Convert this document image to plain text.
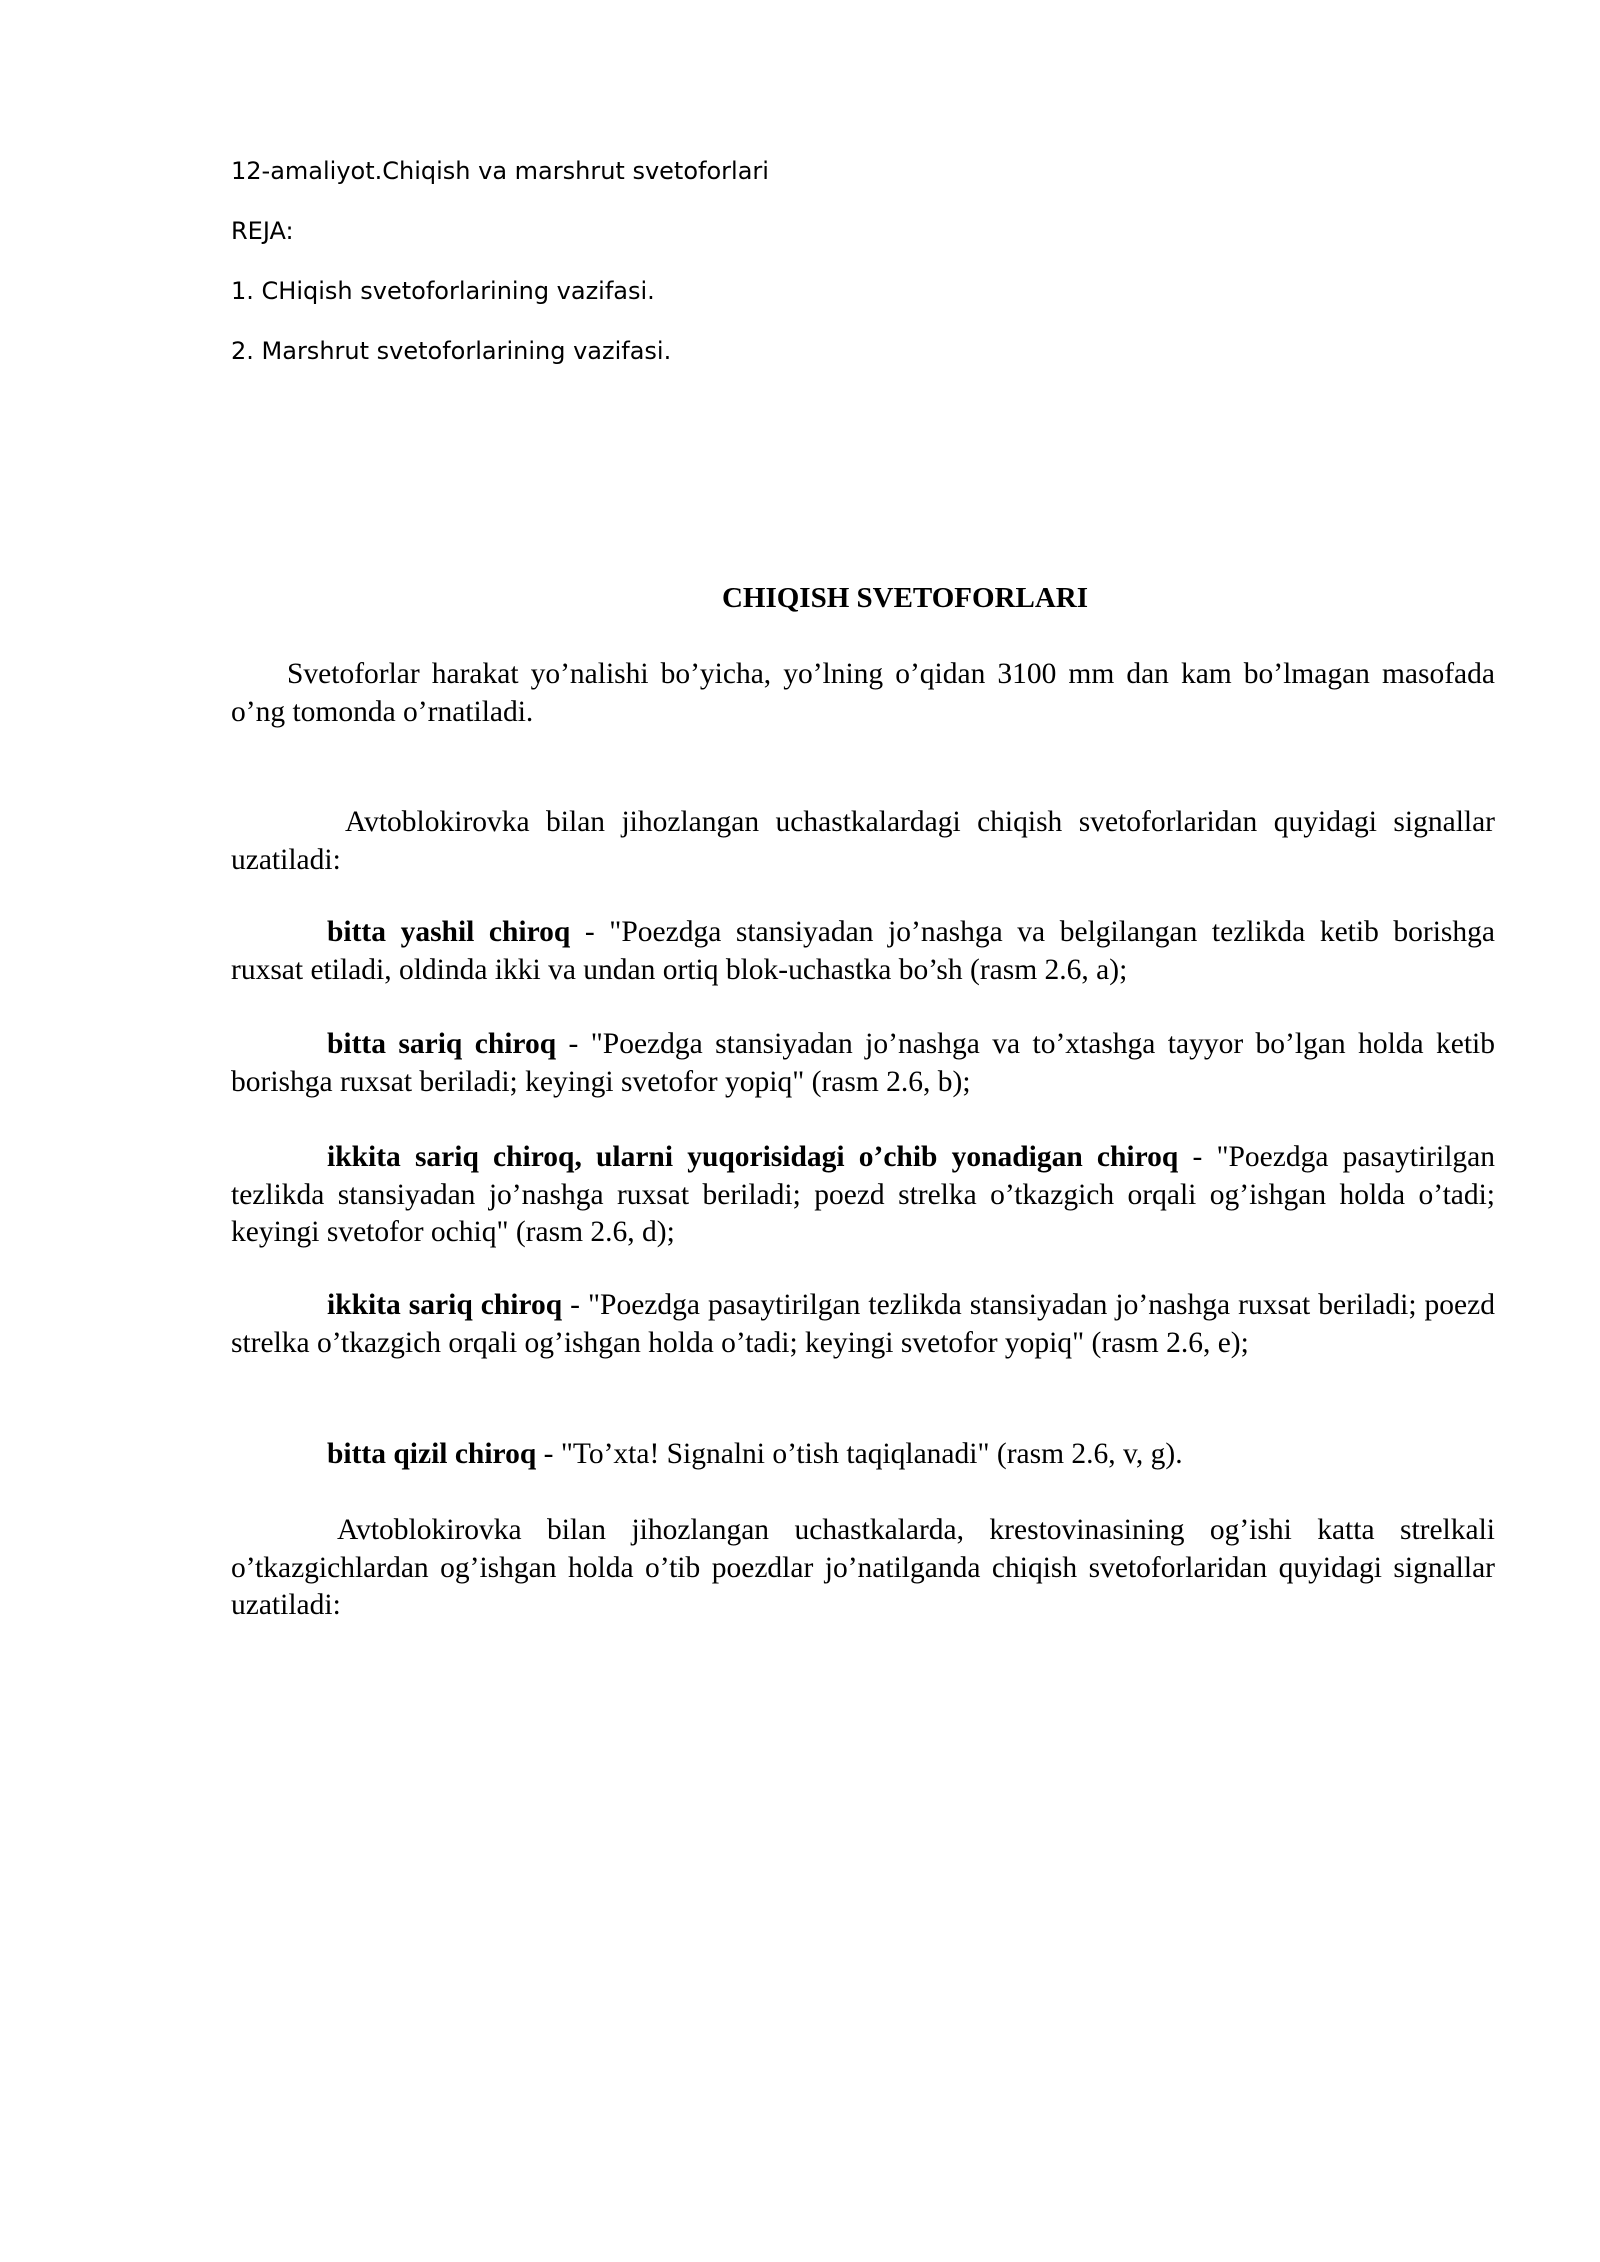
12-amaliyot.Chiqish va marshrut svetoforlari

REJA:

1. CHiqish svetoforlarining vazifasi.

2. Marshrut svetoforlarining vazifasi.

CHIQISH SVETOFORLARI

Svetoforlar harakat yo’nalishi bo’yicha, yo’lning o’qidan 3100 mm dan kam bo’lmagan masofada o’ng tomonda o’rnatiladi.

Avtoblokirovka bilan jihozlangan uchastkalardagi chiqish svetoforlaridan quyidagi signallar uzatiladi:

bitta yashil chiroq - "Poezdga stansiyadan jo’nashga va belgilangan tezlikda ketib borishga ruxsat etiladi, oldinda ikki va undan ortiq blok-uchastka bo’sh (rasm 2.6, a);

bitta sariq chiroq - "Poezdga stansiyadan jo’nashga va to’xtashga tayyor bo’lgan holda ketib borishga ruxsat beriladi; keyingi svetofor yopiq" (rasm 2.6, b);

ikkita sariq chiroq, ularni yuqorisidagi o’chib yonadigan chiroq - "Poezdga pasaytirilgan tezlikda stansiyadan jo’nashga ruxsat beriladi; poezd strelka o’tkazgich orqali og’ishgan holda o’tadi; keyingi svetofor ochiq" (rasm 2.6, d);

ikkita sariq chiroq - "Poezdga pasaytirilgan tezlikda stansiyadan jo’nashga ruxsat beriladi; poezd strelka o’tkazgich orqali og’ishgan holda o’tadi; keyingi svetofor yopiq" (rasm 2.6, e);

bitta qizil chiroq - "To’xta! Signalni o’tish taqiqlanadi" (rasm 2.6, v, g).

Avtoblokirovka bilan jihozlangan uchastkalarda, krestovinasining og’ishi katta strelkali o’tkazgichlardan og’ishgan holda o’tib poezdlar jo’natilganda chiqish svetoforlaridan quyidagi signallar uzatiladi:
